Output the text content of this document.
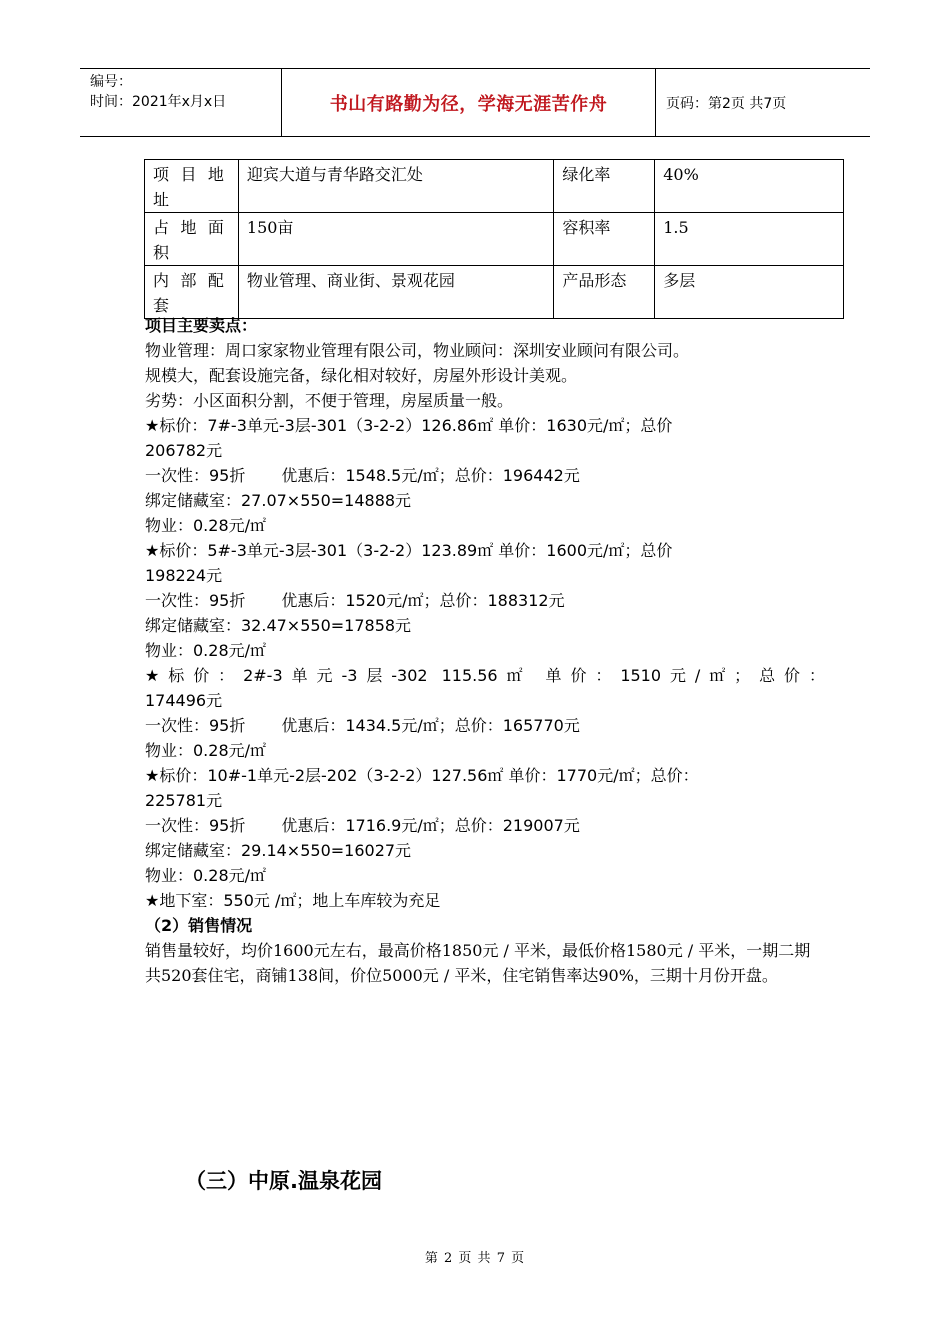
编号：
时间：2021年x月x日	书山有路勤为径，学海无涯苦作舟	页码：第2页 共7页
项目地址	迎宾大道与青华路交汇处	绿化率	40%
占地面积	150亩	容积率	1.5
内部配套	物业管理、商业街、景观花园	产品形态	多层

项目主要卖点：

物业管理：周口家家物业管理有限公司，物业顾问：深圳安业顾问有限公司。

规模大，配套设施完备，绿化相对较好，房屋外形设计美观。

劣势：小区面积分割，不便于管理，房屋质量一般。

★标价：7#-3单元-3层-301（3-2-2）126.86㎡ 单价：1630元/㎡；总价

206782元

一次性：95折 优惠后：1548.5元/㎡；总价：196442元

绑定储藏室：27.07×550=14888元

物业：0.28元/㎡

★标价：5#-3单元-3层-301（3-2-2）123.89㎡ 单价：1600元/㎡；总价

198224元

一次性：95折 优惠后：1520元/㎡；总价：188312元

绑定储藏室：32.47×550=17858元

物业：0.28元/㎡

★标价：2#-3单元-3层-302 115.56㎡ 单价：1510元/㎡；总价：

174496元

一次性：95折 优惠后：1434.5元/㎡；总价：165770元

物业：0.28元/㎡

★标价：10#-1单元-2层-202（3-2-2）127.56㎡ 单价：1770元/㎡；总价：

225781元

一次性：95折 优惠后：1716.9元/㎡；总价：219007元

绑定储藏室：29.14×550=16027元

物业：0.28元/㎡

★地下室：550元 /㎡；地上车库较为充足

（2）销售情况

销售量较好，均价1600元左右，最高价格1850元 / 平米，最低价格1580元 / 平米，一期二期共520套住宅，商铺138间，价位5000元 / 平米，住宅销售率达90%，三期十月份开盘。

（三）中原.温泉花园
第 2 页 共 7 页
